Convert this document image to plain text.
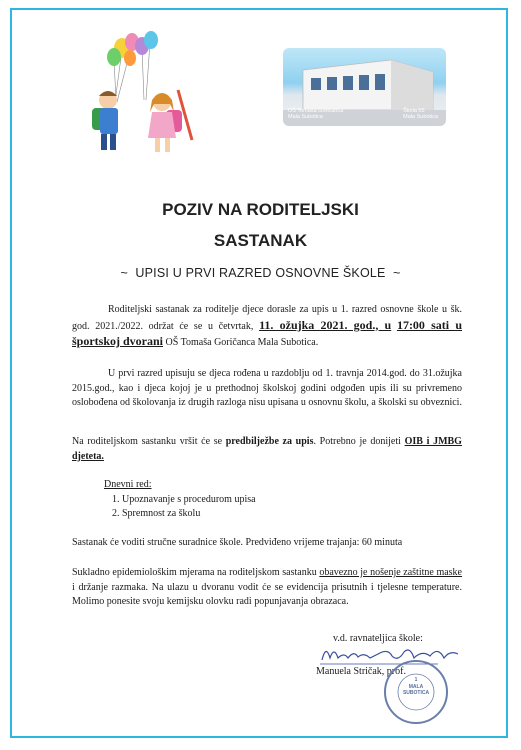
OŠ Tomaša Goričanca
Mala Subotica
Škola 55
Mala Subotica
POZIV NA RODITELJSKI
SASTANAK
~ UPISI U PRVI RAZRED OSNOVNE ŠKOLE ~
Roditeljski sastanak za roditelje djece dorasle za upis u 1. razred osnovne škole u šk. god. 2021./2022. održat će se u četvrtak, 11. ožujka 2021. god., u 17:00 sati u športskoj dvorani OŠ Tomaša Goričanca Mala Subotica.
U prvi razred upisuju se djeca rođena u razdoblju od 1. travnja 2014.god. do 31.ožujka 2015.god., kao i djeca kojoj je u prethodnoj školskoj godini odgođen upis ili su privremeno oslobođena od školovanja iz drugih razloga nisu upisana u osnovnu školu, a školski su obveznici.
Na roditeljskom sastanku vršit će se predbilježbe za upis. Potrebno je donijeti OIB i JMBG djeteta.
Dnevni red:
1. Upoznavanje s procedurom upisa
2. Spremnost za školu
Sastanak će voditi stručne suradnice škole. Predviđeno vrijeme trajanja: 60 minuta
Sukladno epidemiološkim mjerama na roditeljskom sastanku obavezno je nošenje zaštitne maske i držanje razmaka. Na ulazu u dvoranu vodit će se evidencija prisutnih i tjelesne temperature. Molimo ponesite svoju kemijsku olovku radi popunjavanja obrazaca.
v.d. ravnateljica škole:
Manuela Stričak, prof.
1
MALA
SUBOTICA
